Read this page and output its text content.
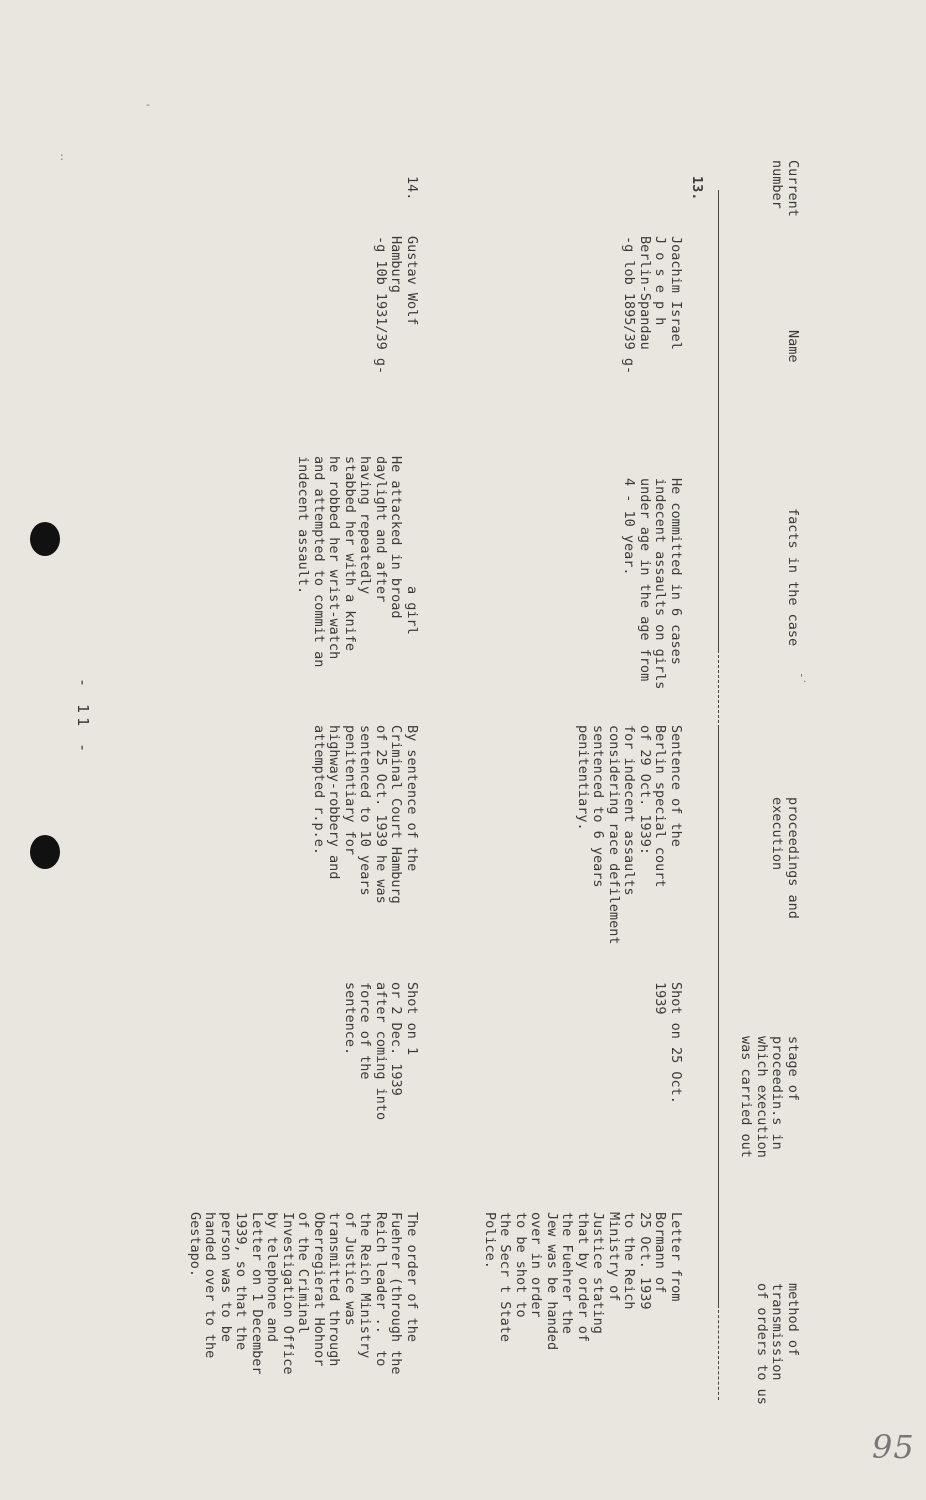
-
:
'.
95
Current
number
Name
facts in the case
proceedings and
execution
stage of
proceedin.s in
which execution
was carried out
method of
transmission
of orders to us
13.
Joachim Israel
J o s e p h
Berlin-Spandau
-g lob 1895/39 g-
He committed in 6 cases
indecent assaults on girls
under age in the age from
4 - 10 year.
Sentence of the
Berlin special court
of 29 Oct. 1939:
for indecent assaults
considering race defilement
sentenced to 6 years
penitentiary.
Shot on 25 Oct.
1939
Letter from
Bormann of
25 Oct. 1939
to the Reich
Ministry of
Justice stating
that by order of
the Fuehrer the
Jew was be handed
over in order
to be shot to
the Secr t State
Police.
14.
Gustav Wolf
Hamburg
-g 10b 1931/39 g-
a girl
He attacked in broad
daylight and after
having repeatedly
stabbed her with a knife
he robbed her wrist-watch
and attempted to commit an
indecent assault.
By sentence of the
Criminal Court Hamburg
of 25 Oct. 1939 he was
sentenced to 10 years
penitentiary for
highway-robbery and
attempted r.p.e.
Shot on 1
or 2 Dec. 1939
after coming into
force of the
sentence.
The order of the
Fuehrer (through the
Reich leader ..  to
the Reich Ministry
of Justice was
transmitted through
Oberregierat Hohnor
of the Criminal
Investigation Office
by telephone and
Letter on 1 December
1939, so that the
person was to be
handed over to the
Gestapo.
- 11 -
